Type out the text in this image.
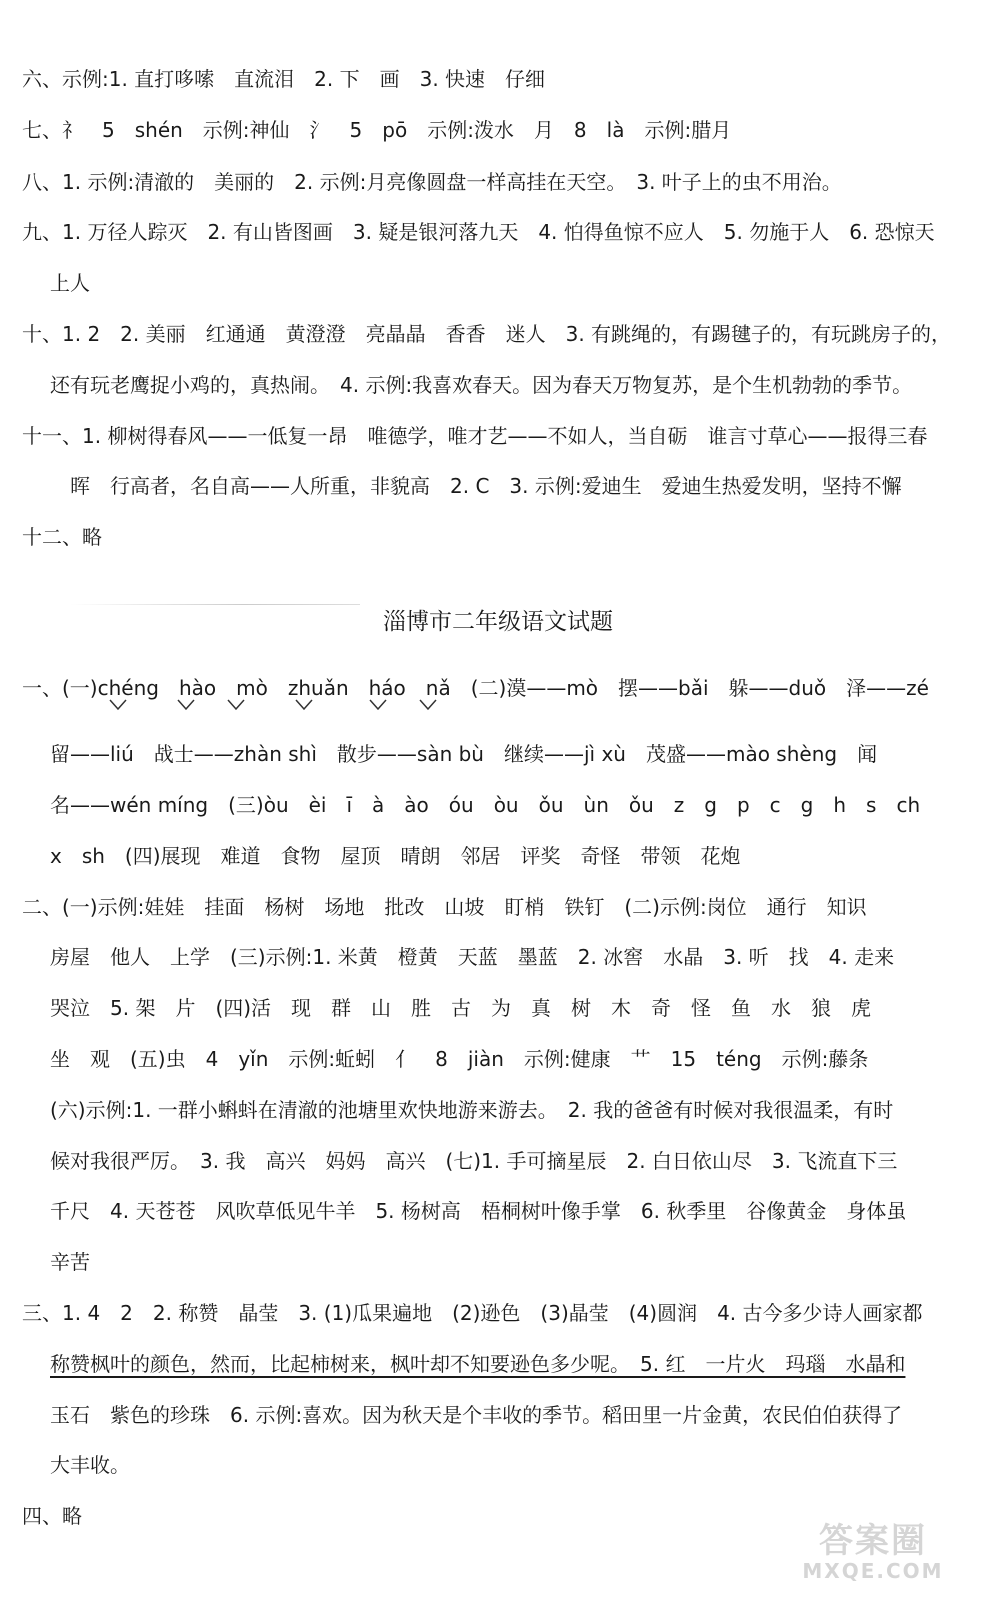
六、示例:1. 直打哆嗦　直流泪　2. 下　画　3. 快速　仔细
七、礻　5　shén　示例:神仙　氵　5　pō　示例:泼水　月　8　là　示例:腊月
八、1. 示例:清澈的　美丽的　2. 示例:月亮像圆盘一样高挂在天空。　3. 叶子上的虫不用治。
九、1. 万径人踪灭　2. 有山皆图画　3. 疑是银河落九天　4. 怕得鱼惊不应人　5. 勿施于人　6. 恐惊天
上人
十、1. 2　2. 美丽　红通通　黄澄澄　亮晶晶　香香　迷人　3. 有跳绳的，有踢毽子的，有玩跳房子的，
还有玩老鹰捉小鸡的，真热闹。　4. 示例:我喜欢春天。因为春天万物复苏，是个生机勃勃的季节。
十一、1. 柳树得春风——一低复一昂　唯德学，唯才艺——不如人，当自砺　谁言寸草心——报得三春
晖　行高者，名自高——人所重，非貌高　2. C　3. 示例:爱迪生　爱迪生热爱发明，坚持不懈
十二、略
淄博市二年级语文试题
一、(一)chéng　hào　mò　zhuǎn　háo　nǎ　(二)漠——mò　摆——bǎi　躲——duǒ　泽——zé
留——liú　战士——zhàn shì　散步——sàn bù　继续——jì xù　茂盛——mào shèng　闻
名——wén míng　(三)òu　èi　ī　à　ào　óu　òu　ǒu　ùn　ǒu　z　g　p　c　g　h　s　ch
x　sh　(四)展现　难道　食物　屋顶　晴朗　邻居　评奖　奇怪　带领　花炮
二、(一)示例:娃娃　挂面　杨树　场地　批改　山坡　盯梢　铁钉　(二)示例:岗位　通行　知识
房屋　他人　上学　(三)示例:1. 米黄　橙黄　天蓝　墨蓝　2. 冰窖　水晶　3. 听　找　4. 走来
哭泣　5. 架　片　(四)活　现　群　山　胜　古　为　真　树　木　奇　怪　鱼　水　狼　虎
坐　观　(五)虫　4　yǐn　示例:蚯蚓　亻　8　jiàn　示例:健康　艹　15　téng　示例:藤条
(六)示例:1. 一群小蝌蚪在清澈的池塘里欢快地游来游去。　2. 我的爸爸有时候对我很温柔，有时
候对我很严厉。　3. 我　高兴　妈妈　高兴　(七)1. 手可摘星辰　2. 白日依山尽　3. 飞流直下三
千尺　4. 天苍苍　风吹草低见牛羊　5. 杨树高　梧桐树叶像手掌　6. 秋季里　谷像黄金　身体虽
辛苦
三、1. 4　2　2. 称赞　晶莹　3. (1)瓜果遍地　(2)逊色　(3)晶莹　(4)圆润　4. 古今多少诗人画家都
称赞枫叶的颜色，然而，比起柿树来，枫叶却不知要逊色多少呢。　5. 红　一片火　玛瑙　水晶和
玉石　紫色的珍珠　6. 示例:喜欢。因为秋天是个丰收的季节。稻田里一片金黄，农民伯伯获得了
大丰收。
四、略
答案圈
MXQE.COM
